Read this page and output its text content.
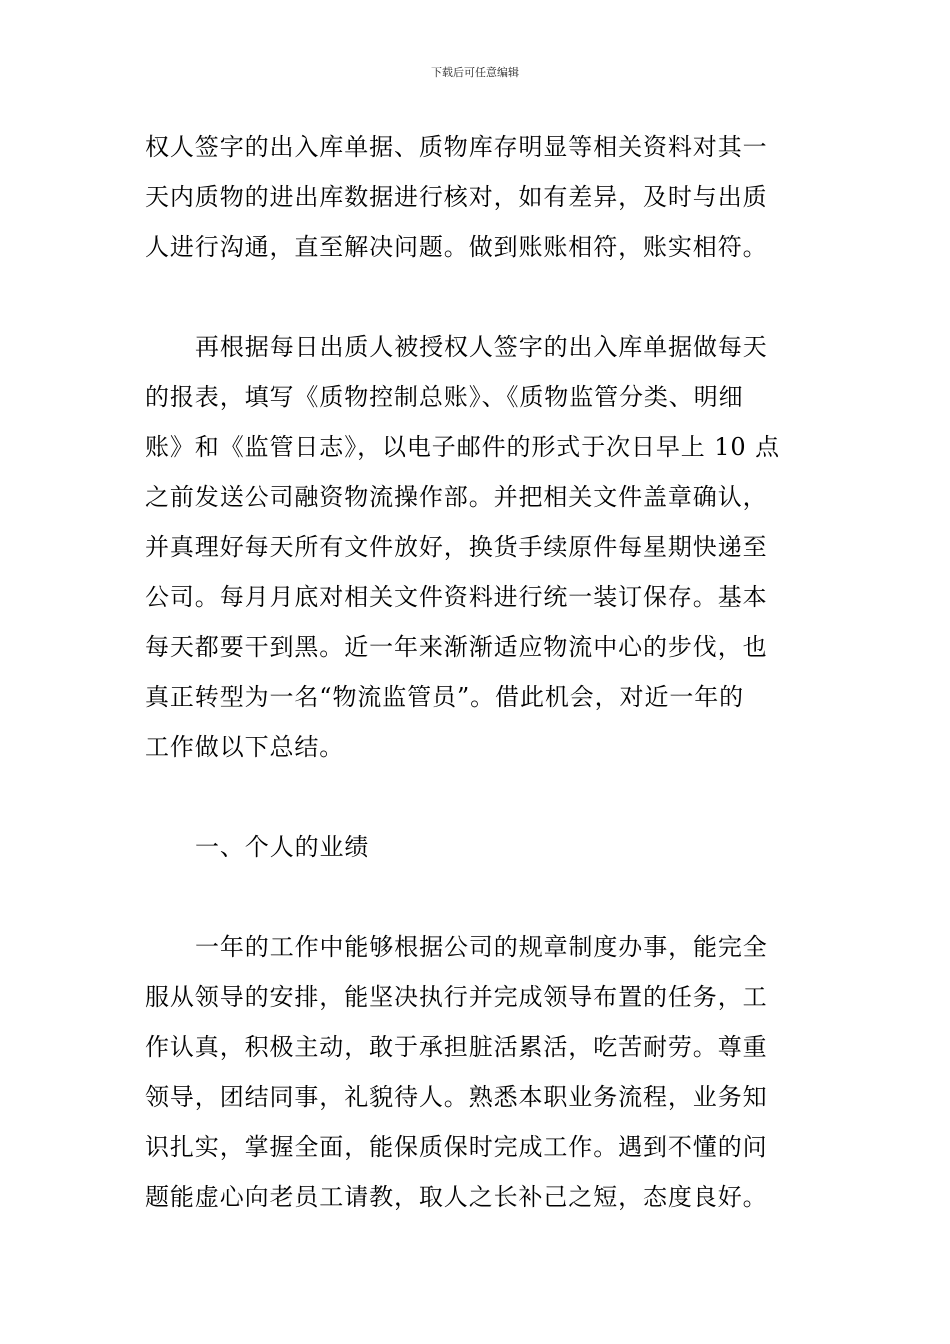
下载后可任意编辑
权人签字的出入库单据、质物库存明显等相关资料对其一
天内质物的进出库数据进行核对，如有差异，及时与出质
人进行沟通，直至解决问题。做到账账相符，账实相符。
再根据每日出质人被授权人签字的出入库单据做每天
的报表，填写《质物控制总账》、《质物监管分类、明细
账》和《监管日志》，以电子邮件的形式于次日早上 10 点
之前发送公司融资物流操作部。并把相关文件盖章确认，
并真理好每天所有文件放好，换货手续原件每星期快递至
公司。每月月底对相关文件资料进行统一装订保存。基本
每天都要干到黑。近一年来渐渐适应物流中心的步伐，也
真正转型为一名“物流监管员”。借此机会，对近一年的
工作做以下总结。
一、个人的业绩
一年的工作中能够根据公司的规章制度办事，能完全
服从领导的安排，能坚决执行并完成领导布置的任务，工
作认真，积极主动，敢于承担脏活累活，吃苦耐劳。尊重
领导，团结同事，礼貌待人。熟悉本职业务流程，业务知
识扎实，掌握全面，能保质保时完成工作。遇到不懂的问
题能虚心向老员工请教，取人之长补己之短，态度良好。
